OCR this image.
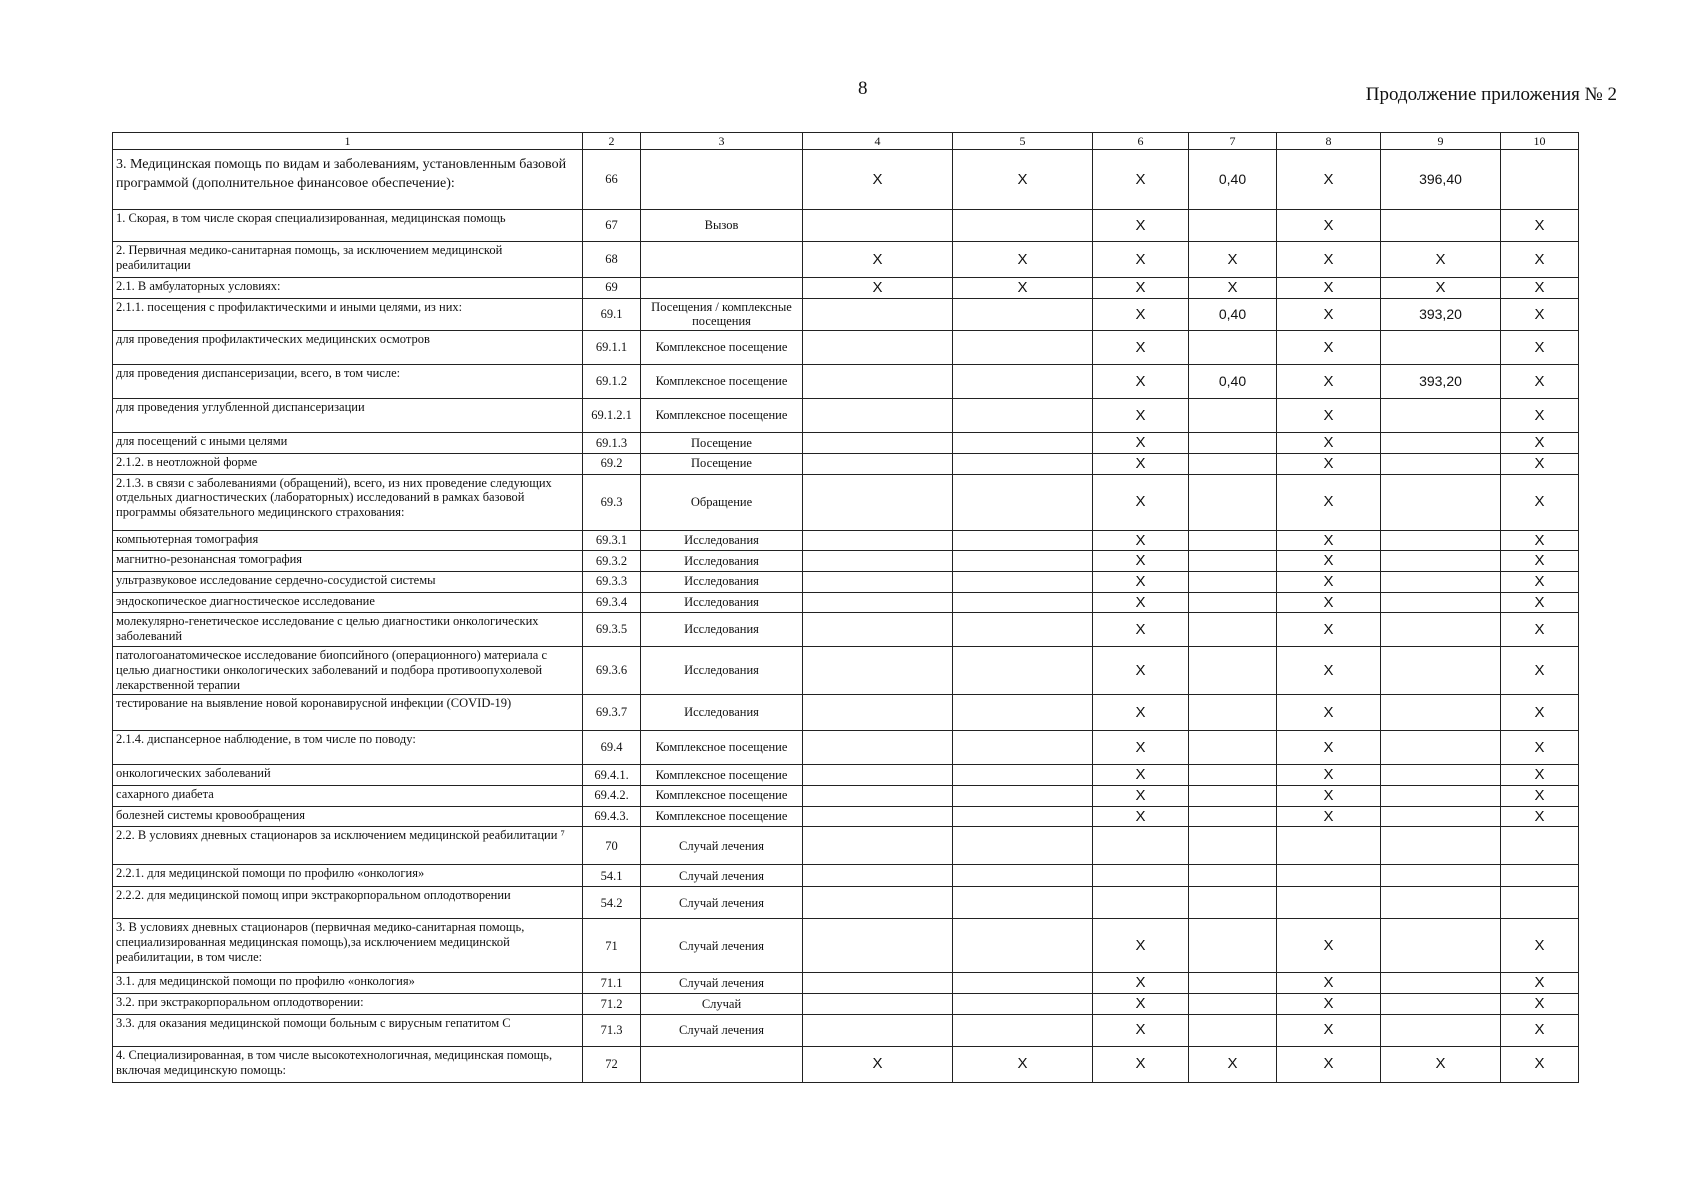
8	Продолжение приложения № 2
1	2	3	4	5	6	7	8	9	10
3. Медицинская помощь по видам и заболеваниям, установленным базовой программой (дополнительное финансовое обеспечение):	66		Х	Х	Х	0,40	Х	396,40	
1. Скорая, в том числе скорая специализированная, медицинская помощь	67	Вызов			Х		Х		Х
2. Первичная медико-санитарная помощь, за исключением медицинской реабилитации	68		Х	Х	Х	Х	Х	Х	Х
2.1. В амбулаторных условиях:	69		Х	Х	Х	Х	Х	Х	Х
2.1.1. посещения с профилактическими и иными целями, из них:	69.1	Посещения / комплексные посещения			Х	0,40	Х	393,20	Х
для проведения профилактических медицинских осмотров	69.1.1	Комплексное посещение			Х		Х		Х
для проведения диспансеризации, всего, в том числе:	69.1.2	Комплексное посещение			Х	0,40	Х	393,20	Х
для проведения углубленной диспансеризации	69.1.2.1	Комплексное посещение			Х		Х		Х
для посещений с иными целями	69.1.3	Посещение			Х		Х		Х
2.1.2. в неотложной форме	69.2	Посещение			Х		Х		Х
2.1.3. в связи с заболеваниями (обращений), всего, из них проведение следующих отдельных диагностических (лабораторных) исследований в рамках базовой программы обязательного медицинского страхования:	69.3	Обращение			Х		Х		Х
компьютерная томография	69.3.1	Исследования			Х		Х		Х
магнитно-резонансная томография	69.3.2	Исследования			Х		Х		Х
ультразвуковое исследование сердечно-сосудистой системы	69.3.3	Исследования			Х		Х		Х
эндоскопическое диагностическое исследование	69.3.4	Исследования			Х		Х		Х
молекулярно-генетическое исследование с целью диагностики онкологических заболеваний	69.3.5	Исследования			Х		Х		Х
патологоанатомическое исследование биопсийного (операционного) материала с целью диагностики онкологических заболеваний и подбора противоопухолевой лекарственной терапии	69.3.6	Исследования			Х		Х		Х
тестирование на выявление новой коронавирусной инфекции (COVID-19)	69.3.7	Исследования			Х		Х		Х
2.1.4. диспансерное наблюдение, в том числе по поводу:	69.4	Комплексное посещение			Х		Х		Х
онкологических заболеваний	69.4.1.	Комплексное посещение			Х		Х		Х
сахарного диабета	69.4.2.	Комплексное посещение			Х		Х		Х
болезней системы кровообращения	69.4.3.	Комплексное посещение			Х		Х		Х
2.2. В условиях дневных стационаров за исключением медицинской реабилитации ⁷	70	Случай лечения							
2.2.1. для медицинской помощи по профилю «онкология»	54.1	Случай лечения							
2.2.2. для медицинской помощ ипри экстракорпоральном оплодотворении	54.2	Случай лечения							
3. В условиях дневных стационаров (первичная медико-санитарная помощь, специализированная медицинская помощь),за исключением медицинской реабилитации, в том числе:	71	Случай лечения			Х		Х		Х
3.1. для медицинской помощи по профилю «онкология»	71.1	Случай лечения			Х		Х		Х
3.2. при экстракорпоральном оплодотворении:	71.2	Случай			Х		Х		Х
3.3. для оказания медицинской помощи больным с вирусным гепатитом С	71.3	Случай лечения			Х		Х		Х
4. Специализированная, в том числе высокотехнологичная, медицинская помощь, включая медицинскую помощь:	72		Х	Х	Х	Х	Х	Х	Х
